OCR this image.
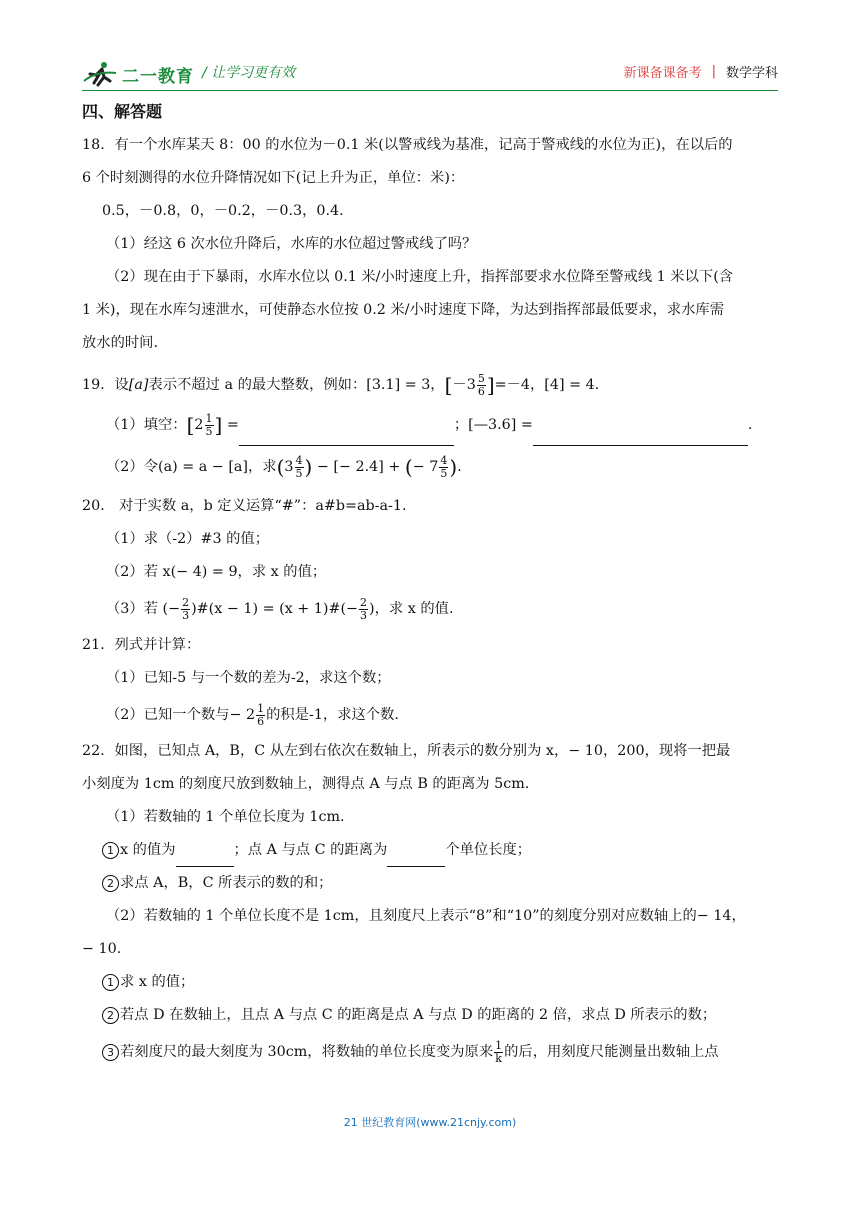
二一教育 / 让学习更有效	新课备课备考 | 数学学科
四、解答题

18．有一个水库某天 8：00 的水位为－0.1 米(以警戒线为基准，记高于警戒线的水位为正)，在以后的

6 个时刻测得的水位升降情况如下(记上升为正，单位：米)：

0.5，－0.8，0，－0.2，－0.3，0.4．

（1）经这 6 次水位升降后，水库的水位超过警戒线了吗？

（2）现在由于下暴雨，水库水位以 0.1 米/小时速度上升，指挥部要求水位降至警戒线 1 米以下(含

1 米)，现在水库匀速泄水，可使静态水位按 0.2 米/小时速度下降，为达到指挥部最低要求，求水库需

放水的时间.

19．设[a]表示不超过 a 的最大整数，例如：[3.1] = 3，$[-3 \frac{5}{6} ]=-4$，[4] = 4．

（1）填空：[$2 \frac{1}{5}$ ] =	；[—3.6] =	.

（2）令(a) = a − [a]，求($3 \frac{4}{5}$ ) − [− 2.4] + (− $7 \frac{4}{5}$ ).

20． 对于实数 a，b 定义运算“#”：a#b=ab-a-1.

（1）求（-2）#3 的值；

（2）若 x(− 4) = 9，求 x 的值；

（3）若 (− $\frac{2}{3}$ )#(x − 1) = (x + 1)#(− $\frac{2}{3}$ )，求 x 的值.

21．列式并计算：

（1）已知-5 与一个数的差为-2，求这个数；

（2）已知一个数与− $2 \frac{1}{6}$ 的积是-1，求这个数.

22．如图，已知点 A，B，C 从左到右依次在数轴上，所表示的数分别为 x，− 10，200，现将一把最

小刻度为 1cm 的刻度尺放到数轴上，测得点 A 与点 B 的距离为 5cm.

（1）若数轴的 1 个单位长度为 1cm.

1 x 的值为	；点 A 与点 C 的距离为	个单位长度；

2 求点 A，B，C 所表示的数的和；

（2）若数轴的 1 个单位长度不是 1cm，且刻度尺上表示“8”和“10”的刻度分别对应数轴上的− 14，

− 10.

1 求 x 的值；

2 若点 D 在数轴上，且点 A 与点 C 的距离是点 A 与点 D 的距离的 2 倍，求点 D 所表示的数；

3 若刻度尺的最大刻度为 30cm，将数轴的单位长度变为原来 $\frac{1}{k}$ 的后，用刻度尺能测量出数轴上点

21 世纪教育网(www.21cnjy.com)
